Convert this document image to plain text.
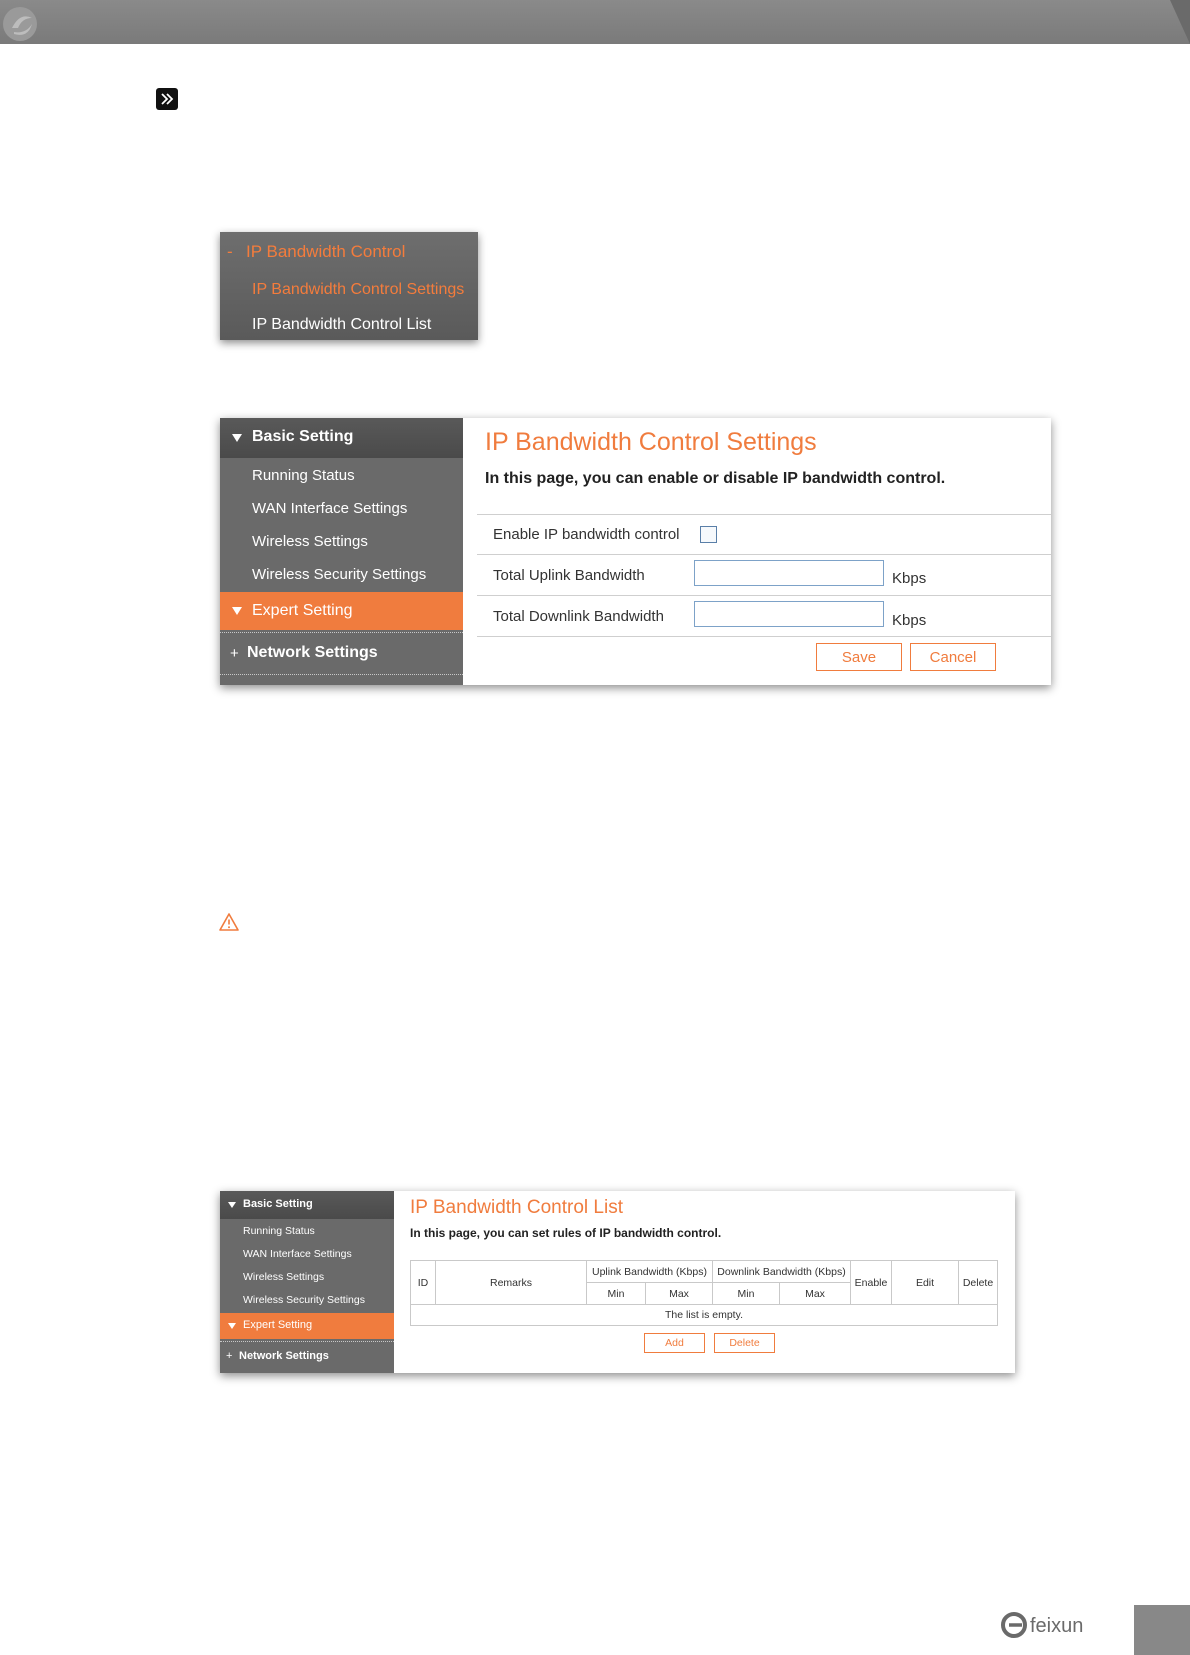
- IP Bandwidth Control
IP Bandwidth Control Settings
IP Bandwidth Control List
Basic Setting
Running Status
WAN Interface Settings
Wireless Settings
Wireless Security Settings
Expert Setting
+ Network Settings
IP Bandwidth Control Settings
In this page, you can enable or disable IP bandwidth control.
Enable IP bandwidth control
Total Uplink Bandwidth	Kbps
Total Downlink Bandwidth	Kbps
Save	Cancel
Basic Setting
Running Status
WAN Interface Settings
Wireless Settings
Wireless Security Settings
Expert Setting
+ Network Settings
IP Bandwidth Control List
In this page, you can set rules of IP bandwidth control.
ID	Remarks	Uplink Bandwidth (Kbps)		Downlink Bandwidth (Kbps)		Enable	Edit	Delete
		Min	Max	Min	Max			
The list is empty.								
Add	Delete
feixun
